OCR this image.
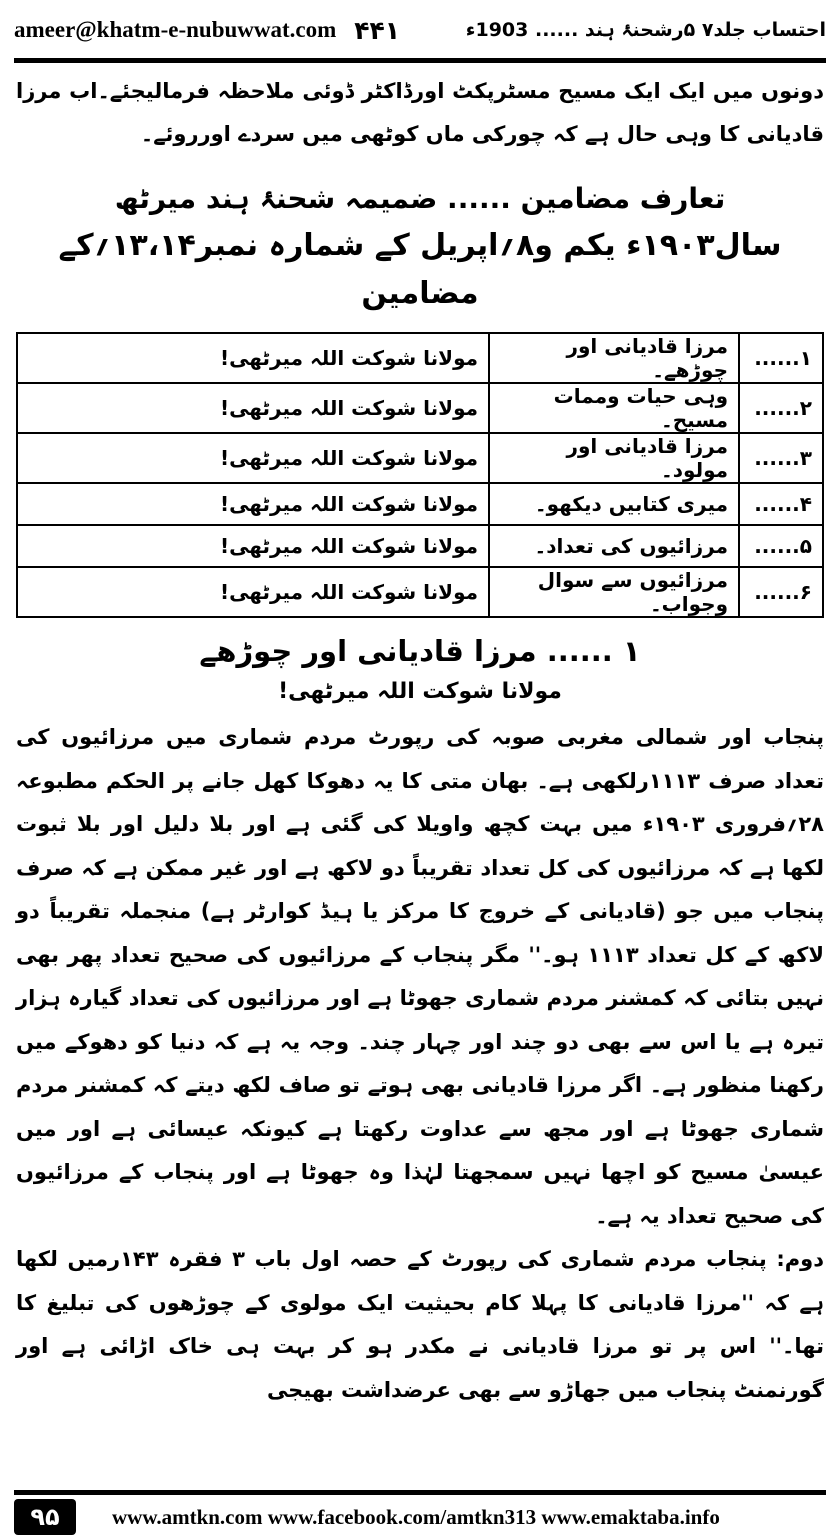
ameer@khatm-e-nubuwwat.com ۴۴۱	احتساب جلد۷ ۵رشحنۂ ہند ...... 1903ء

دونوں میں ایک ایک مسیح مسٹرپکٹ اورڈاکٹر ڈوئی ملاحظہ فرمالیجئے۔اب مرزا قادیانی کا وہی حال ہے کہ چورکی ماں کوٹھی میں سردے اورروئے۔

تعارف مضامین ...... ضمیمہ شحنۂ ہند میرٹھ
سال۱۹۰۳ء یکم و۸؍اپریل کے شمارہ نمبر۱۳،۱۴؍کے مضامین
۱......	مرزا قادیانی اور چوڑھے۔	مولانا شوکت اللہ میرٹھی!
۲......	وہی حیات وممات مسیح۔	مولانا شوکت اللہ میرٹھی!
۳......	مرزا قادیانی اور مولود۔	مولانا شوکت اللہ میرٹھی!
۴......	میری کتابیں دیکھو۔	مولانا شوکت اللہ میرٹھی!
۵......	مرزائیوں کی تعداد۔	مولانا شوکت اللہ میرٹھی!
۶......	مرزائیوں سے سوال وجواب۔	مولانا شوکت اللہ میرٹھی!
۱ ...... مرزا قادیانی اور چوڑھے
مولانا شوکت اللہ میرٹھی!

پنجاب اور شمالی مغربی صوبہ کی رپورٹ مردم شماری میں مرزائیوں کی تعداد صرف ۱۱۱۳رلکھی ہے۔ بھان متی کا یہ دھوکا کھل جانے پر الحکم مطبوعہ ۲۸؍فروری ۱۹۰۳ء میں بہت کچھ واویلا کی گئی ہے اور بلا دلیل اور بلا ثبوت لکھا ہے کہ مرزائیوں کی کل تعداد تقریباً دو لاکھ ہے اور غیر ممکن ہے کہ صرف پنجاب میں جو (قادیانی کے خروج کا مرکز یا ہیڈ کوارٹر ہے) منجملہ تقریباً دو لاکھ کے کل تعداد ۱۱۱۳ ہو۔'' مگر پنجاب کے مرزائیوں کی صحیح تعداد پھر بھی نہیں بتائی کہ کمشنر مردم شماری جھوٹا ہے اور مرزائیوں کی تعداد گیارہ ہزار تیرہ ہے یا اس سے بھی دو چند اور چہار چند۔ وجہ یہ ہے کہ دنیا کو دھوکے میں رکھنا منظور ہے۔ اگر مرزا قادیانی بھی ہوتے تو صاف لکھ دیتے کہ کمشنر مردم شماری جھوٹا ہے اور مجھ سے عداوت رکھتا ہے کیونکہ عیسائی ہے اور میں عیسیٰ مسیح کو اچھا نہیں سمجھتا لہٰذا وہ جھوٹا ہے اور پنجاب کے مرزائیوں کی صحیح تعداد یہ ہے۔

دوم: پنجاب مردم شماری کی رپورٹ کے حصہ اول باب ۳ فقرہ ۱۴۳رمیں لکھا ہے کہ ''مرزا قادیانی کا پہلا کام بحیثیت ایک مولوی کے چوڑھوں کی تبلیغ کا تھا۔'' اس پر تو مرزا قادیانی نے مکدر ہو کر بہت ہی خاک اڑائی ہے اور گورنمنٹ پنجاب میں جھاڑو سے بھی عرضداشت بھیجی

۹۵	www.amtkn.com www.facebook.com/amtkn313 www.emaktaba.info
